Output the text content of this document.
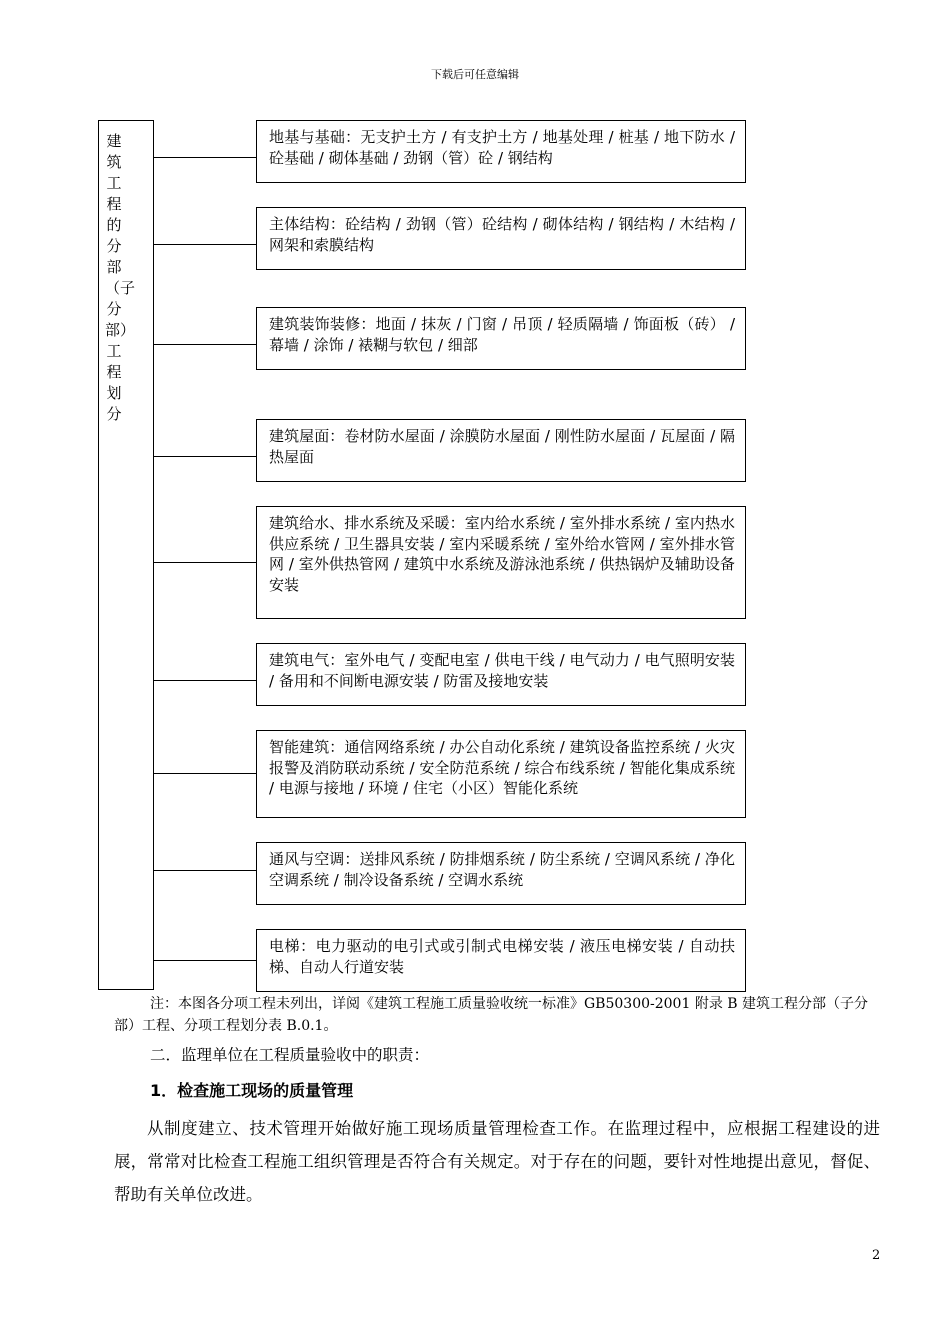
下载后可任意编辑
建筑工程的分部（子分部）工程划分
地基与基础：无支护土方 / 有支护土方 / 地基处理 / 桩基 / 地下防水 / 砼基础 / 砌体基础 / 劲钢（管）砼 / 钢结构
主体结构：砼结构 / 劲钢（管）砼结构 / 砌体结构 / 钢结构 / 木结构 / 网架和索膜结构
建筑装饰装修：地面 / 抹灰 / 门窗 / 吊顶 / 轻质隔墙 / 饰面板（砖） / 幕墙 / 涂饰 / 裱糊与软包 / 细部
建筑屋面：卷材防水屋面 / 涂膜防水屋面 / 刚性防水屋面 / 瓦屋面 / 隔热屋面
建筑给水、排水系统及采暖：室内给水系统 / 室外排水系统 / 室内热水供应系统 / 卫生器具安装 / 室内采暖系统 / 室外给水管网 / 室外排水管网 / 室外供热管网 / 建筑中水系统及游泳池系统 / 供热锅炉及辅助设备安装
建筑电气：室外电气 / 变配电室 / 供电干线 / 电气动力 / 电气照明安装 / 备用和不间断电源安装 / 防雷及接地安装
智能建筑：通信网络系统 / 办公自动化系统 / 建筑设备监控系统 / 火灾报警及消防联动系统 / 安全防范系统 / 综合布线系统 / 智能化集成系统 / 电源与接地 / 环境 / 住宅（小区）智能化系统
通风与空调：送排风系统 / 防排烟系统 / 防尘系统 / 空调风系统 / 净化空调系统 / 制冷设备系统 / 空调水系统
电梯：电力驱动的电引式或引制式电梯安装 / 液压电梯安装 / 自动扶梯、自动人行道安装
注：本图各分项工程未列出，详阅《建筑工程施工质量验收统一标准》GB50300-2001 附录 B 建筑工程分部（子分部）工程、分项工程划分表 B.0.1。
二．监理单位在工程质量验收中的职责：
1．检查施工现场的质量管理
从制度建立、技术管理开始做好施工现场质量管理检查工作。在监理过程中，应根据工程建设的进展，常常对比检查工程施工组织管理是否符合有关规定。对于存在的问题，要针对性地提出意见，督促、帮助有关单位改进。
2
